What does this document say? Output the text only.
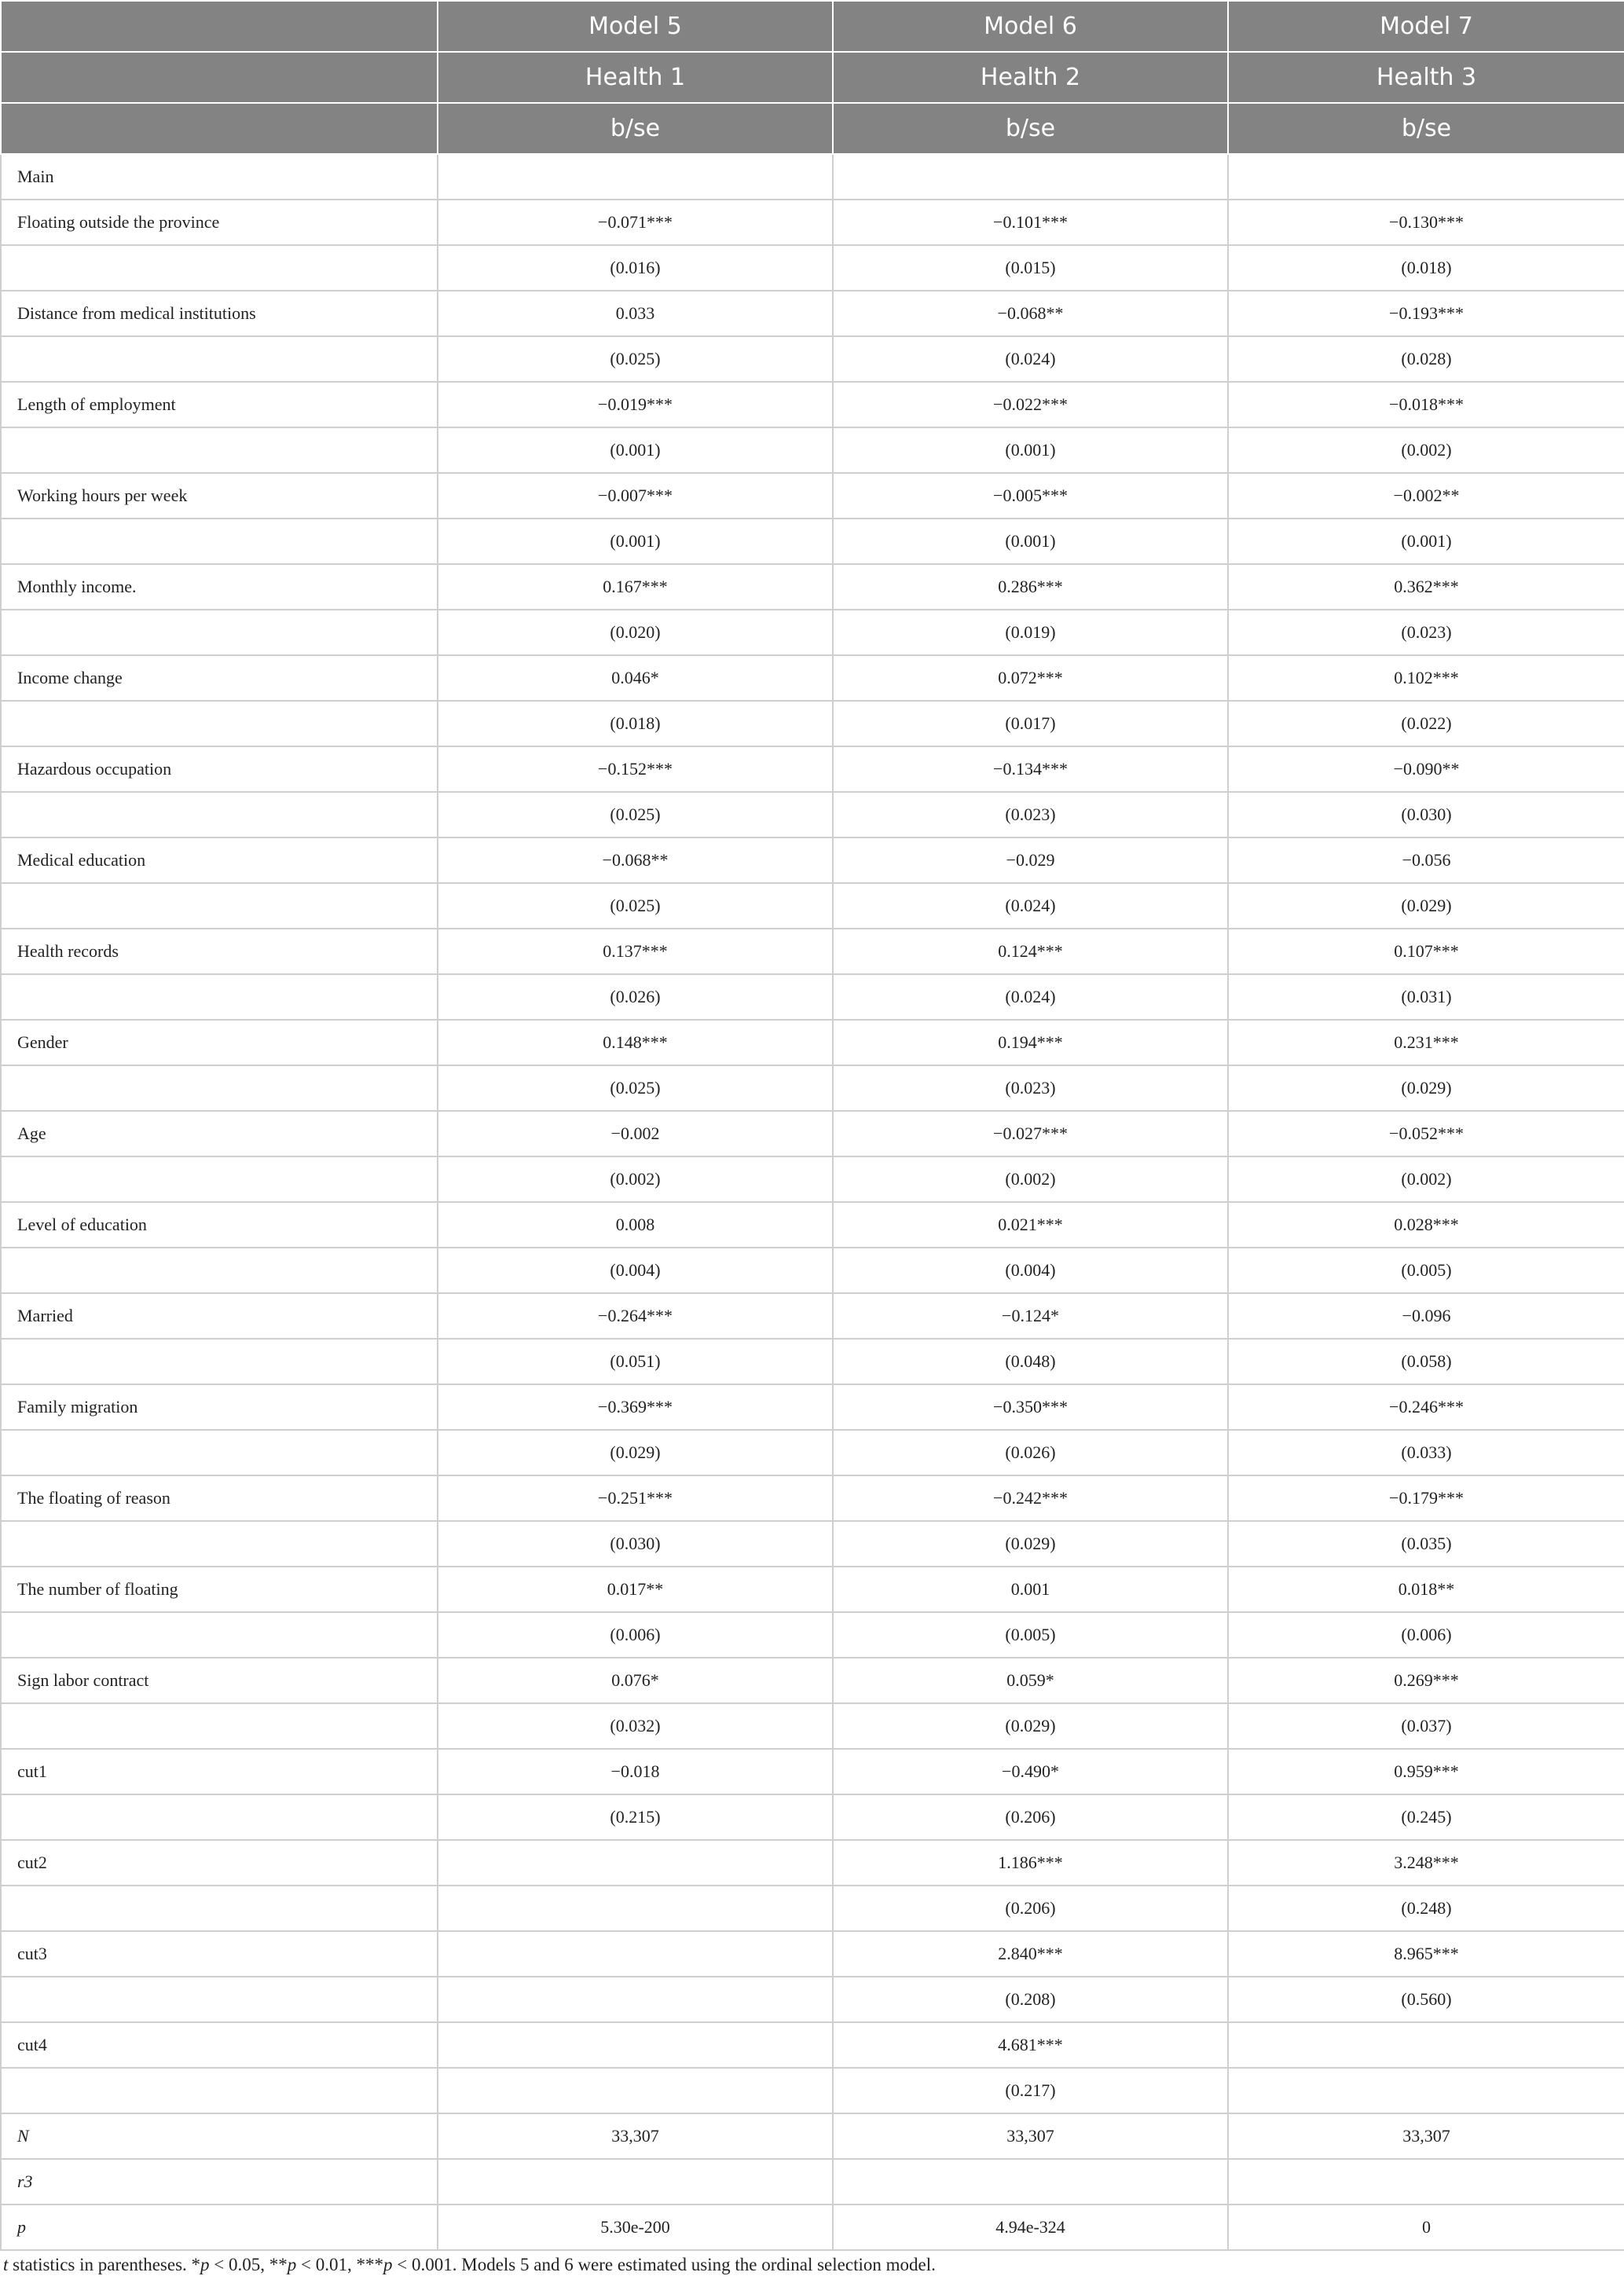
	Model 5	Model 6	Model 7
	Health 1	Health 2	Health 3
	b/se	b/se	b/se
Main			
Floating outside the province	−0.071***	−0.101***	−0.130***
	(0.016)	(0.015)	(0.018)
Distance from medical institutions	0.033	−0.068**	−0.193***
	(0.025)	(0.024)	(0.028)
Length of employment	−0.019***	−0.022***	−0.018***
	(0.001)	(0.001)	(0.002)
Working hours per week	−0.007***	−0.005***	−0.002**
	(0.001)	(0.001)	(0.001)
Monthly income.	0.167***	0.286***	0.362***
	(0.020)	(0.019)	(0.023)
Income change	0.046*	0.072***	0.102***
	(0.018)	(0.017)	(0.022)
Hazardous occupation	−0.152***	−0.134***	−0.090**
	(0.025)	(0.023)	(0.030)
Medical education	−0.068**	−0.029	−0.056
	(0.025)	(0.024)	(0.029)
Health records	0.137***	0.124***	0.107***
	(0.026)	(0.024)	(0.031)
Gender	0.148***	0.194***	0.231***
	(0.025)	(0.023)	(0.029)
Age	−0.002	−0.027***	−0.052***
	(0.002)	(0.002)	(0.002)
Level of education	0.008	0.021***	0.028***
	(0.004)	(0.004)	(0.005)
Married	−0.264***	−0.124*	−0.096
	(0.051)	(0.048)	(0.058)
Family migration	−0.369***	−0.350***	−0.246***
	(0.029)	(0.026)	(0.033)
The floating of reason	−0.251***	−0.242***	−0.179***
	(0.030)	(0.029)	(0.035)
The number of floating	0.017**	0.001	0.018**
	(0.006)	(0.005)	(0.006)
Sign labor contract	0.076*	0.059*	0.269***
	(0.032)	(0.029)	(0.037)
cut1	−0.018	−0.490*	0.959***
	(0.215)	(0.206)	(0.245)
cut2		1.186***	3.248***
		(0.206)	(0.248)
cut3		2.840***	8.965***
		(0.208)	(0.560)
cut4		4.681***	
		(0.217)	
N	33,307	33,307	33,307
r3			
p	5.30e-200	4.94e-324	0
t statistics in parentheses. *p < 0.05, **p < 0.01, ***p < 0.001. Models 5 and 6 were estimated using the ordinal selection model.
